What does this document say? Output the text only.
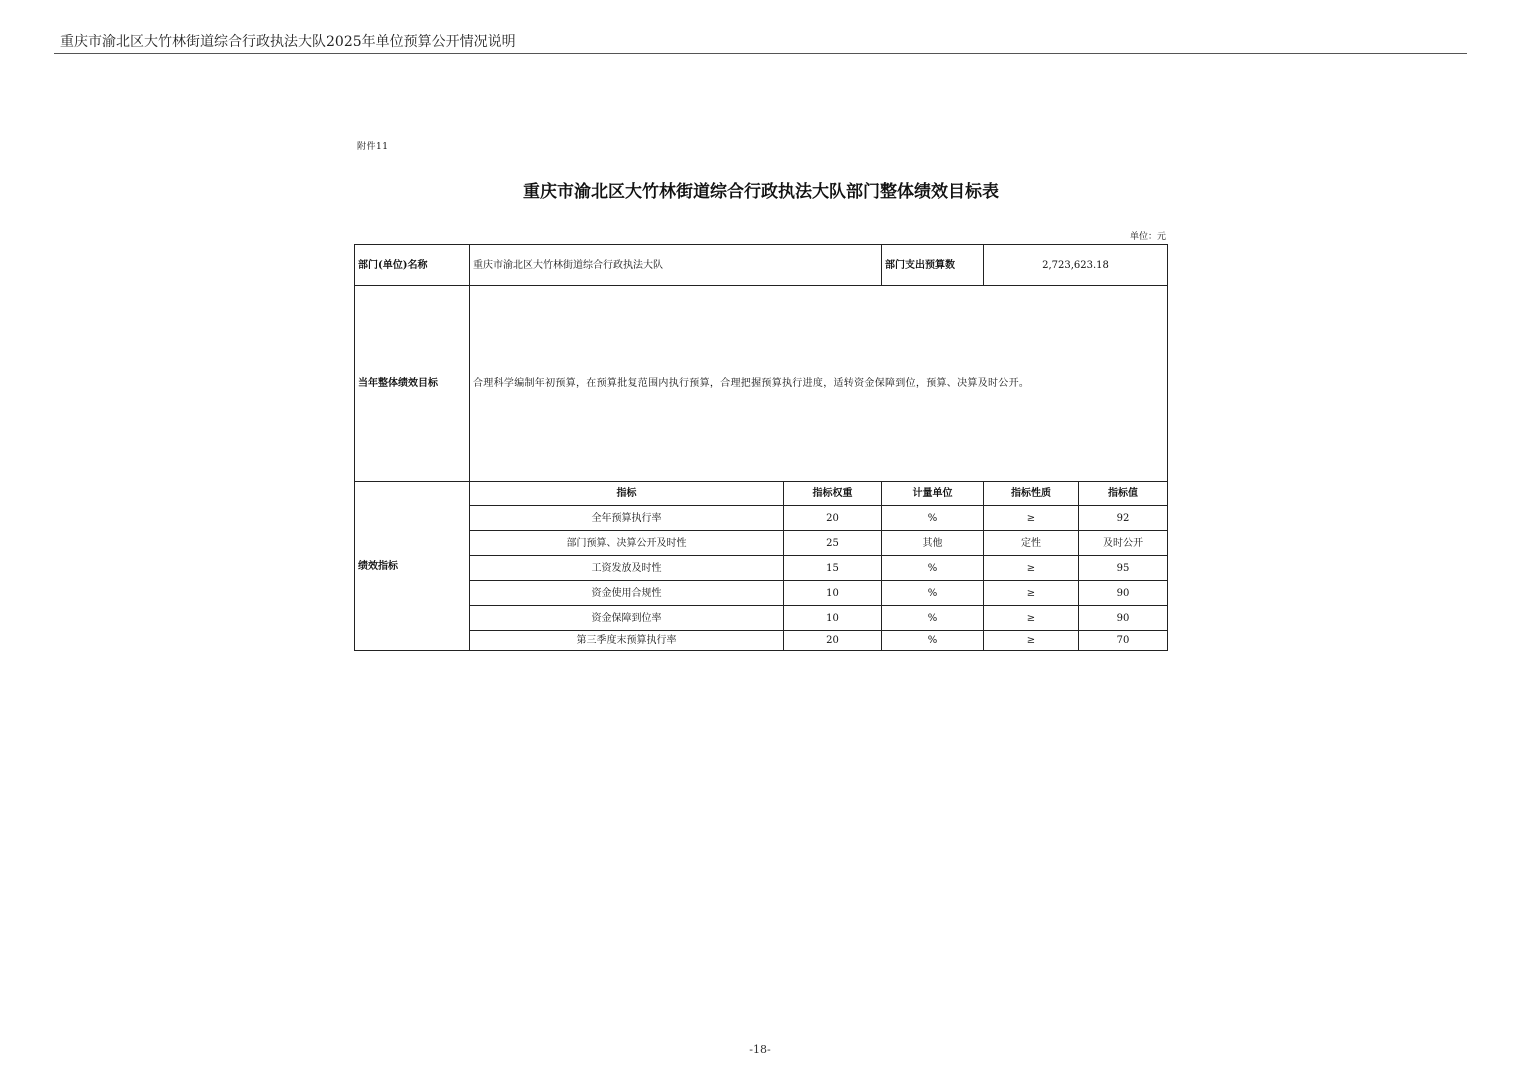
重庆市渝北区大竹林街道综合行政执法大队2025年单位预算公开情况说明
附件11
重庆市渝北区大竹林街道综合行政执法大队部门整体绩效目标表
单位：元
部门(单位)名称	重庆市渝北区大竹林街道综合行政执法大队		部门支出预算数	2,723,623.18	
当年整体绩效目标	合理科学编制年初预算，在预算批复范围内执行预算，合理把握预算执行进度，适转资金保障到位，预算、决算及时公开。				
绩效指标	指标	指标权重	计量单位	指标性质	指标值
	全年预算执行率	20	%	≥	92
	部门预算、决算公开及时性	25	其他	定性	及时公开
	工资发放及时性	15	%	≥	95
	资金使用合规性	10	%	≥	90
	资金保障到位率	10	%	≥	90
	第三季度末预算执行率	20	%	≥	70
-18-
